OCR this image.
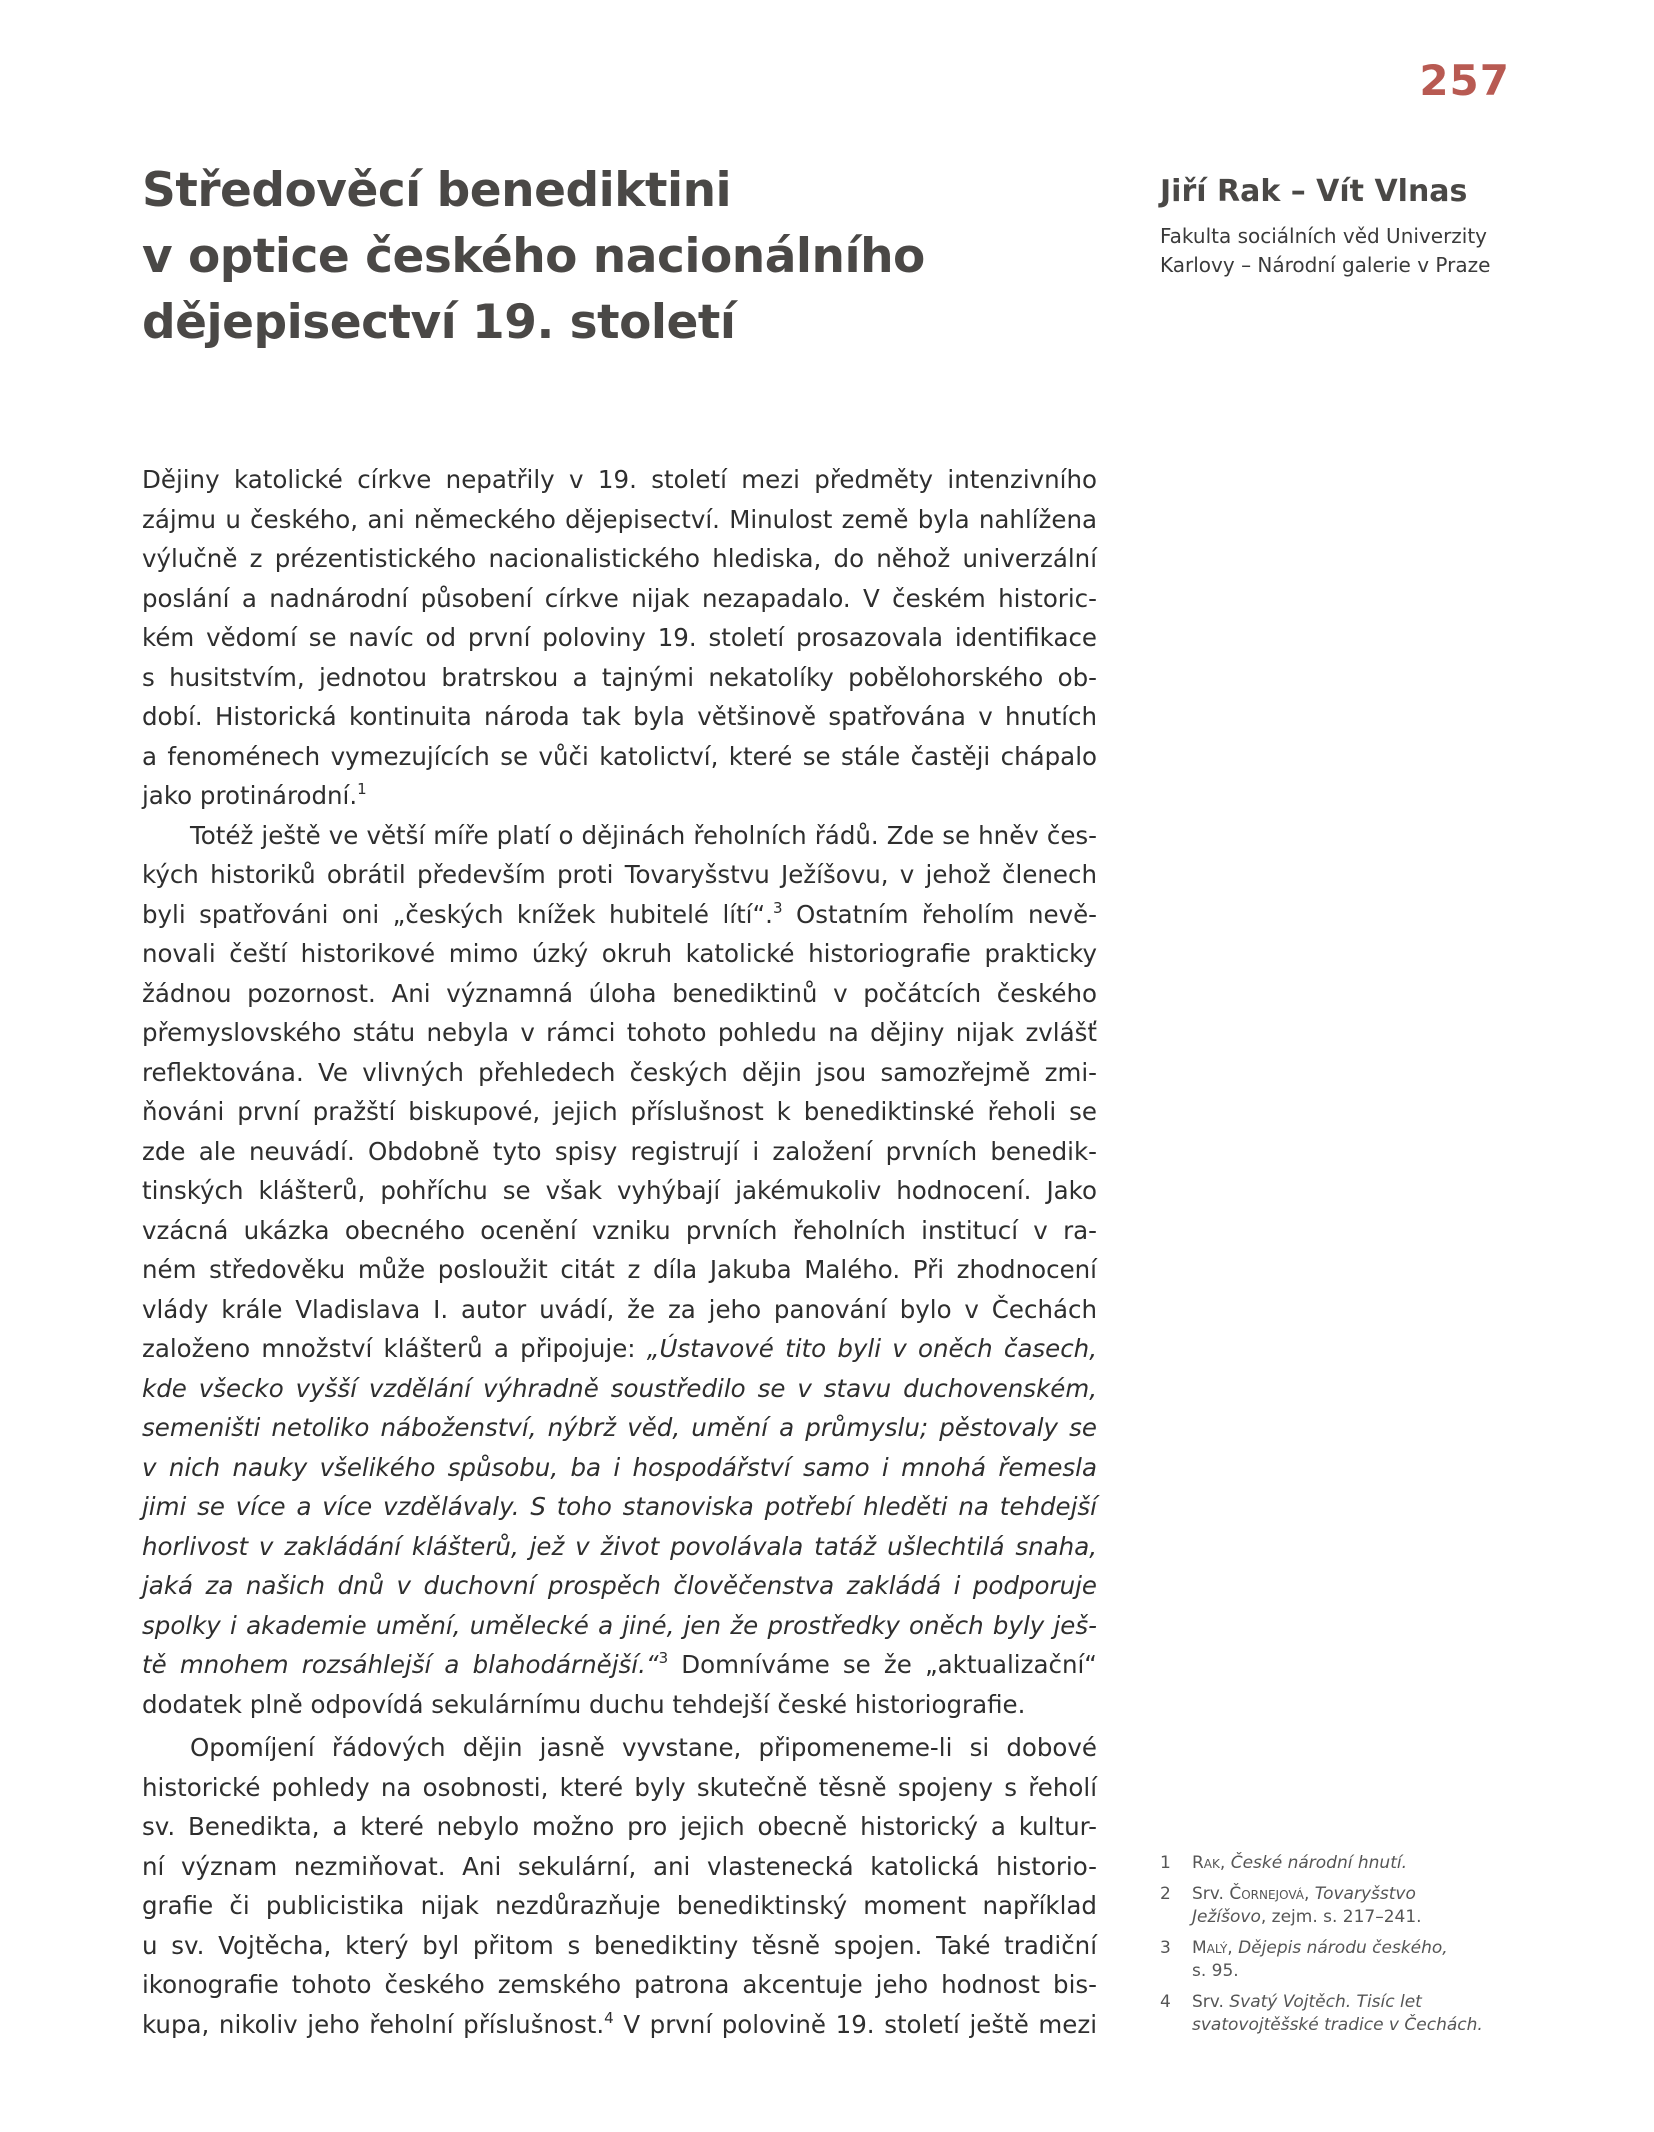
257
Středověcí benediktini
v optice českého nacionálního
dějepisectví 19. století
Jiří Rak – Vít Vlnas
Fakulta sociálních věd Univerzity
Karlovy – Národní galerie v Praze
Dějiny katolické církve nepatřily v 19. století mezi předměty intenzivního
zájmu u českého, ani německého dějepisectví. Minulost země byla nahlížena
výlučně z prézentistického nacionalistického hlediska, do něhož univerzální
poslání a nadnárodní působení církve nijak nezapadalo. V českém historic-
kém vědomí se navíc od první poloviny 19. století prosazovala identifikace
s husitstvím, jednotou bratrskou a tajnými nekatolíky pobělohorského ob-
dobí. Historická kontinuita národa tak byla většinově spatřována v hnutích
a fenoménech vymezujících se vůči katolictví, které se stále častěji chápalo
jako protinárodní.$^1$
Totéž ještě ve větší míře platí o dějinách řeholních řádů. Zde se hněv čes-
kých historiků obrátil především proti Tovaryšstvu Ježíšovu, v jehož členech
byli spatřováni oni „českých knížek hubitelé lítí“.$^3$ Ostatním řeholím nevě-
novali čeští historikové mimo úzký okruh katolické historiografie prakticky
žádnou pozornost. Ani významná úloha benediktinů v počátcích českého
přemyslovského státu nebyla v rámci tohoto pohledu na dějiny nijak zvlášť
reflektována. Ve vlivných přehledech českých dějin jsou samozřejmě zmi-
ňováni první pražští biskupové, jejich příslušnost k benediktinské řeholi se
zde ale neuvádí. Obdobně tyto spisy registrují i založení prvních benedik-
tinských klášterů, pohříchu se však vyhýbají jakémukoliv hodnocení. Jako
vzácná ukázka obecného ocenění vzniku prvních řeholních institucí v ra-
ném středověku může posloužit citát z díla Jakuba Malého. Při zhodnocení
vlády krále Vladislava I. autor uvádí, že za jeho panování bylo v Čechách
založeno množství klášterů a připojuje: „Ústavové tito byli v oněch časech,
kde všecko vyšší vzdělání výhradně soustředilo se v stavu duchovenském,
semeništi netoliko náboženství, nýbrž věd, umění a průmyslu; pěstovaly se
v nich nauky všelikého spůsobu, ba i hospodářství samo i mnohá řemesla
jimi se více a více vzdělávaly. S toho stanoviska potřebí hleděti na tehdejší
horlivost v zakládání klášterů, jež v život povolávala tatáž ušlechtilá snaha,
jaká za našich dnů v duchovní prospěch člověčenstva zakládá i podporuje
spolky i akademie umění, umělecké a jiné, jen že prostředky oněch byly ješ-
tě mnohem rozsáhlejší a blahodárnější.“$^3$ Domníváme se že „aktualizační“
dodatek plně odpovídá sekulárnímu duchu tehdejší české historiografie.
Opomíjení řádových dějin jasně vyvstane, připomeneme-li si dobové
historické pohledy na osobnosti, které byly skutečně těsně spojeny s řeholí
sv. Benedikta, a které nebylo možno pro jejich obecně historický a kultur-
ní význam nezmiňovat. Ani sekulární, ani vlastenecká katolická historio-
grafie či publicistika nijak nezdůrazňuje benediktinský moment například
u sv. Vojtěcha, který byl přitom s benediktiny těsně spojen. Také tradiční
ikonografie tohoto českého zemského patrona akcentuje jeho hodnost bis-
kupa, nikoliv jeho řeholní příslušnost.$^4$ V první polovině 19. století ještě mezi
1 Rak, České národní hnutí.
2 Srv. Čornejová, Tovaryšstvo
Ježíšovo, zejm. s. 217–241.
3 Malý, Dějepis národu českého,
s. 95.
4 Srv. Svatý Vojtěch. Tisíc let
svatovojtěšské tradice v Čechách.
